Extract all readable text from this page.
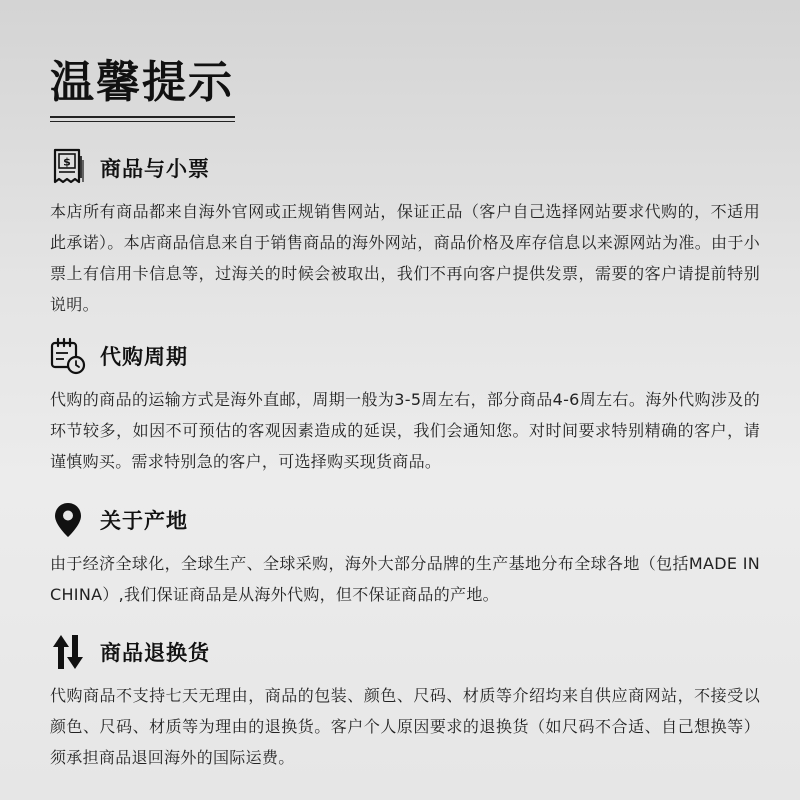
温馨提示
$ 商品与小票
本店所有商品都来自海外官网或正规销售网站，保证正品（客户自己选择网站要求代购的，不适用此承诺）。本店商品信息来自于销售商品的海外网站，商品价格及库存信息以来源网站为准。由于小票上有信用卡信息等，过海关的时候会被取出，我们不再向客户提供发票，需要的客户请提前特别说明。
代购周期
代购的商品的运输方式是海外直邮，周期一般为3-5周左右，部分商品4-6周左右。海外代购涉及的环节较多，如因不可预估的客观因素造成的延误，我们会通知您。对时间要求特别精确的客户，请谨慎购买。需求特别急的客户，可选择购买现货商品。
关于产地
由于经济全球化，全球生产、全球采购，海外大部分品牌的生产基地分布全球各地（包括MADE IN CHINA）,我们保证商品是从海外代购，但不保证商品的产地。
商品退换货
代购商品不支持七天无理由，商品的包装、颜色、尺码、材质等介绍均来自供应商网站，不接受以颜色、尺码、材质等为理由的退换货。客户个人原因要求的退换货（如尺码不合适、自己想换等）须承担商品退回海外的国际运费。
